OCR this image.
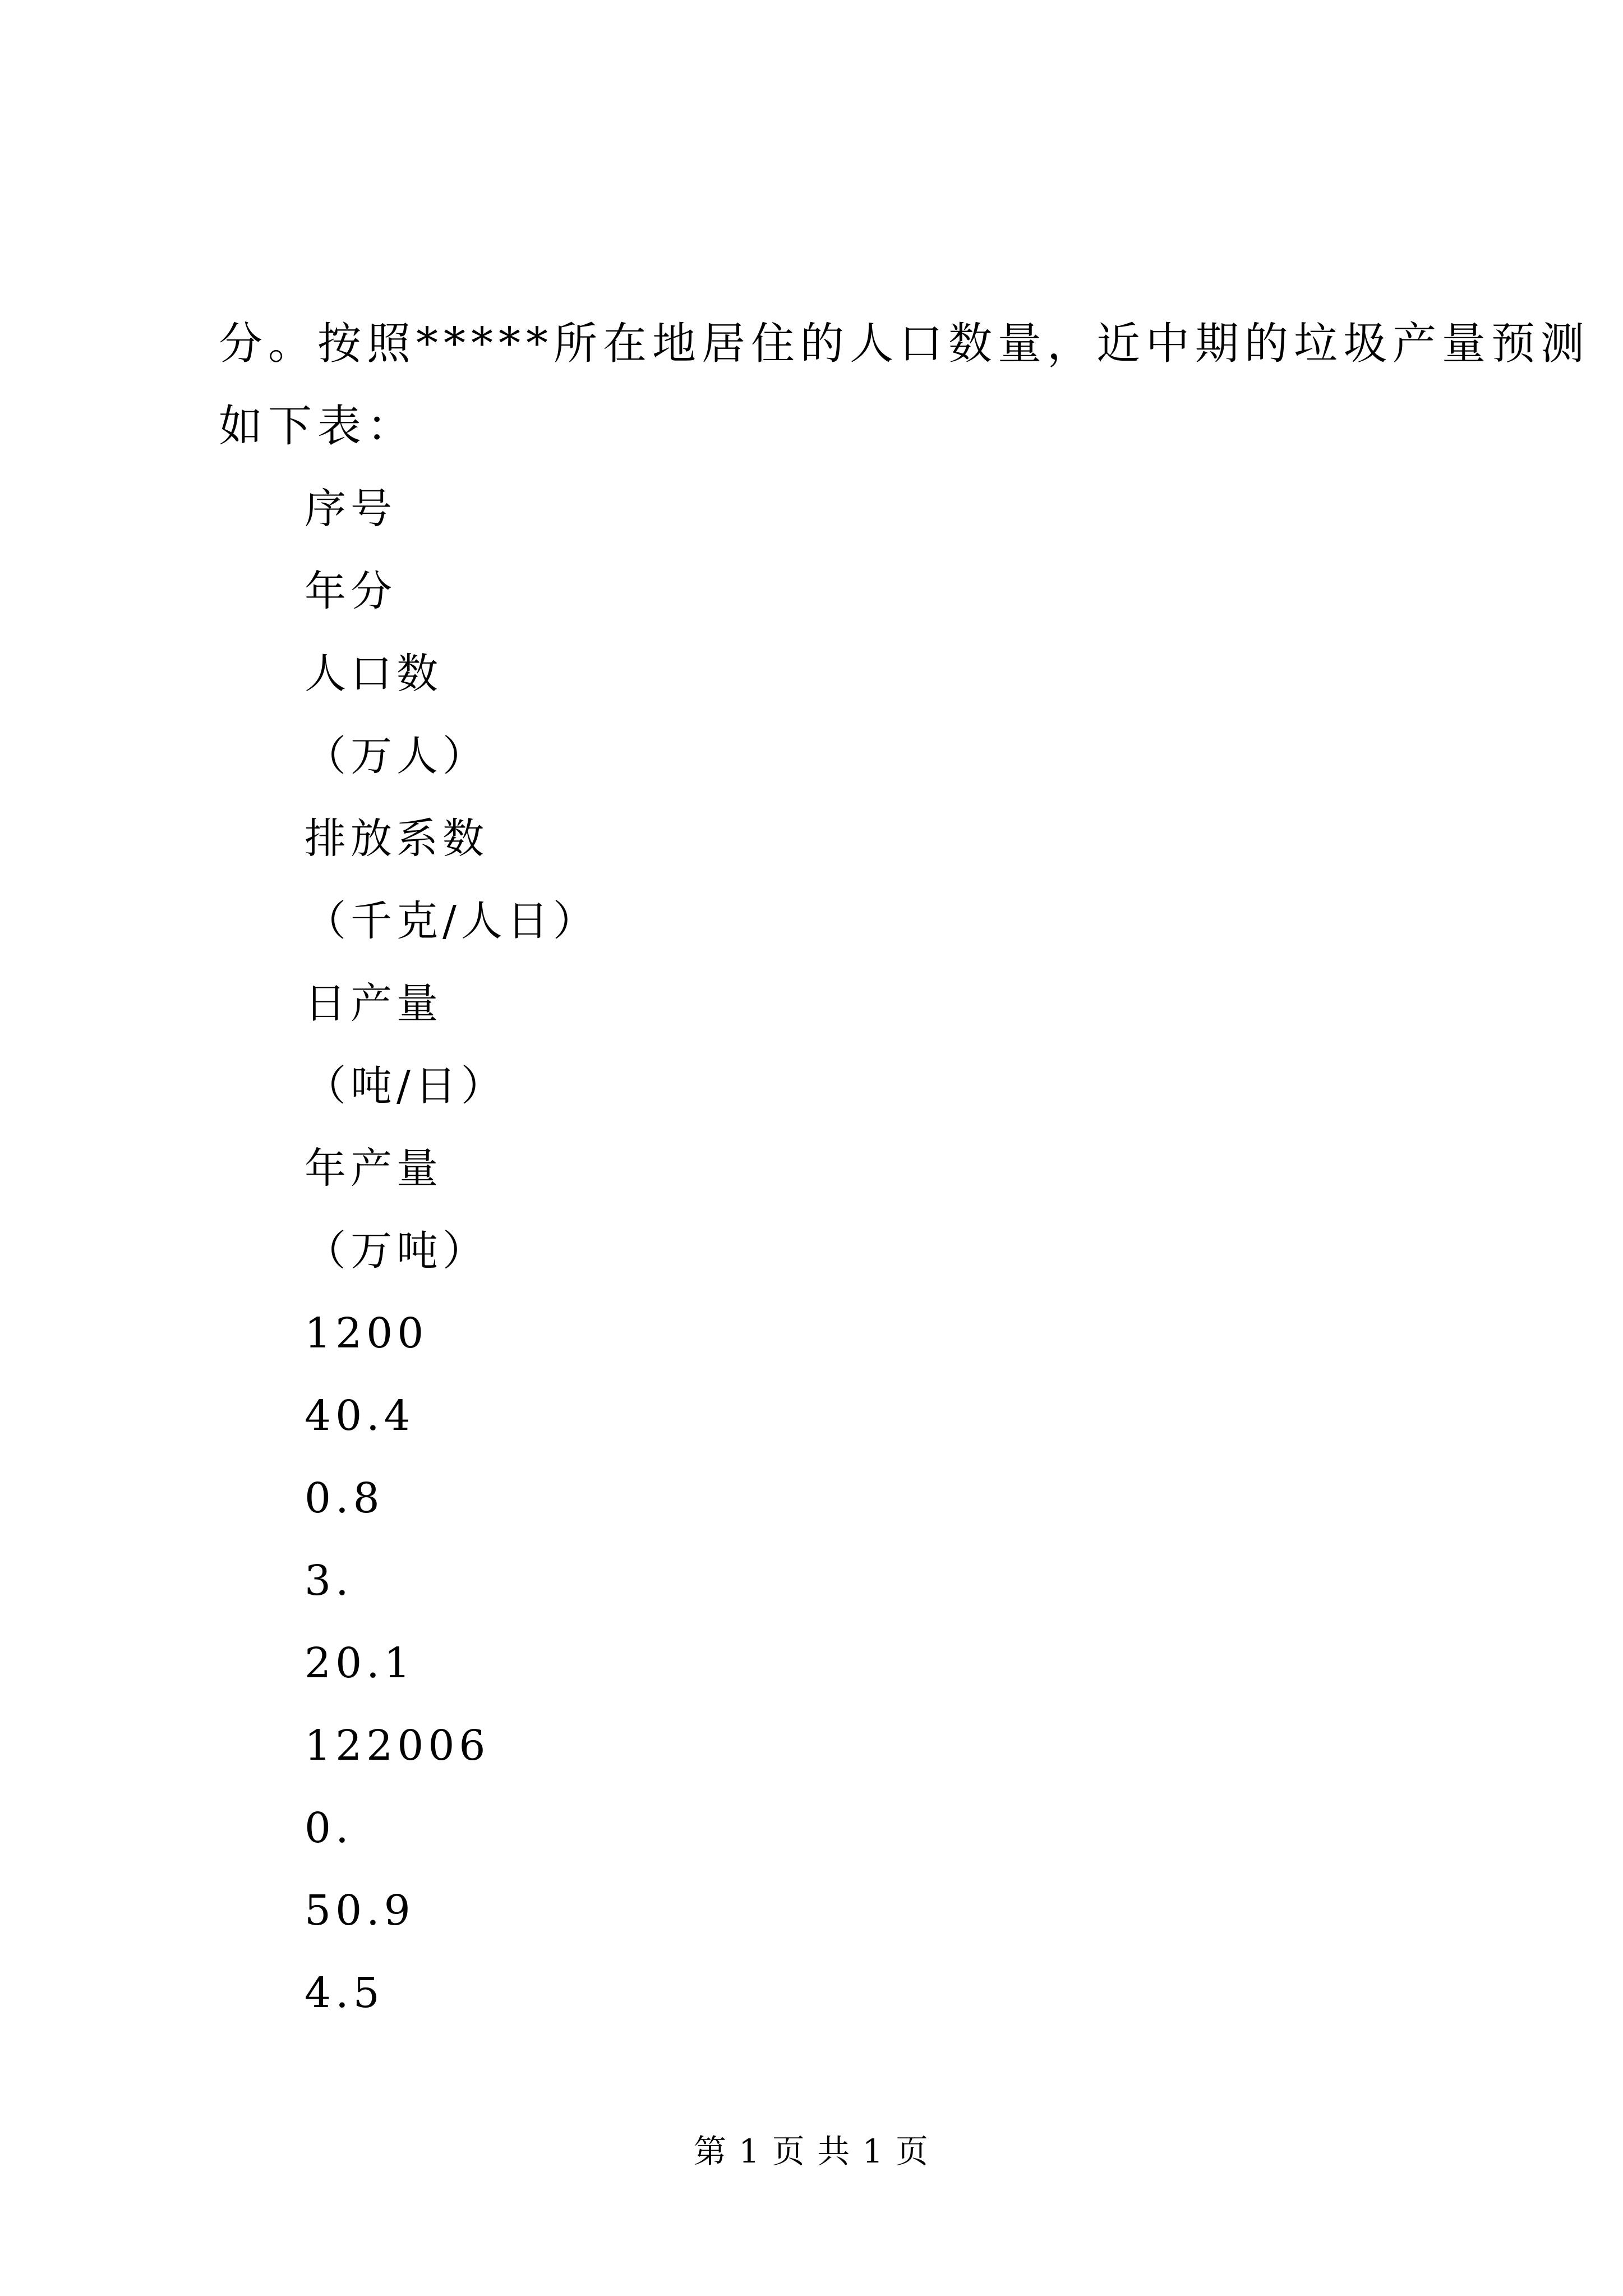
分。按照*****所在地居住的人口数量，近中期的垃圾产量预测
如下表：

序号
年分
人口数
（万人）
排放系数
（千克/人日）
日产量
（吨/日）
年产量
（万吨）
1200
40.4
0.8
3.
20.1
122006
0.
50.9
4.5
第 1 页 共 1 页
